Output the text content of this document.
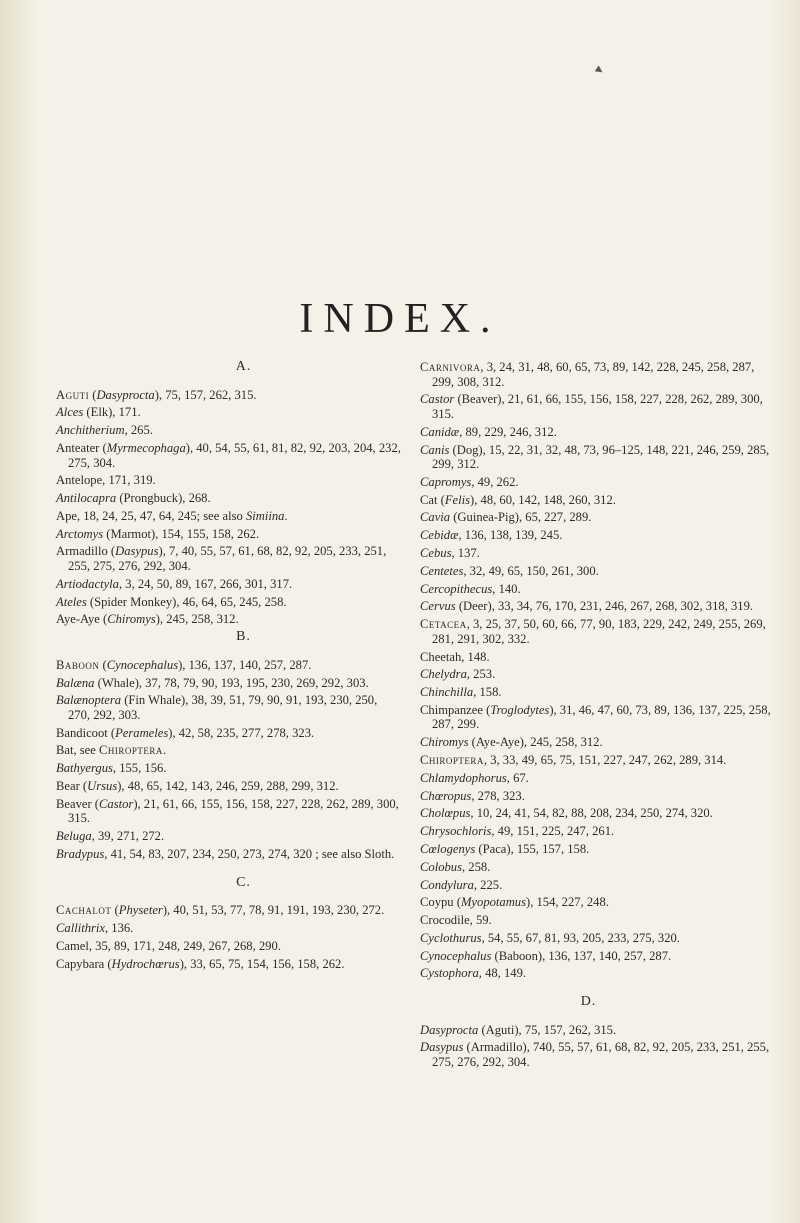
▸
INDEX.
A.
Aguti (Dasyprocta), 75, 157, 262, 315.
Alces (Elk), 171.
Anchitherium, 265.
Anteater (Myrmecophaga), 40, 54, 55, 61, 81, 82, 92, 203, 204, 232, 275, 304.
Antelope, 171, 319.
Antilocapra (Prongbuck), 268.
Ape, 18, 24, 25, 47, 64, 245; see also Simiina.
Arctomys (Marmot), 154, 155, 158, 262.
Armadillo (Dasypus), 7, 40, 55, 57, 61, 68, 82, 92, 205, 233, 251, 255, 275, 276, 292, 304.
Artiodactyla, 3, 24, 50, 89, 167, 266, 301, 317.
Ateles (Spider Monkey), 46, 64, 65, 245, 258.
Aye-Aye (Chiromys), 245, 258, 312.
B.
Baboon (Cynocephalus), 136, 137, 140, 257, 287.
Balæna (Whale), 37, 78, 79, 90, 193, 195, 230, 269, 292, 303.
Balænoptera (Fin Whale), 38, 39, 51, 79, 90, 91, 193, 230, 250, 270, 292, 303.
Bandicoot (Perameles), 42, 58, 235, 277, 278, 323.
Bat, see Chiroptera.
Bathyergus, 155, 156.
Bear (Ursus), 48, 65, 142, 143, 246, 259, 288, 299, 312.
Beaver (Castor), 21, 61, 66, 155, 156, 158, 227, 228, 262, 289, 300, 315.
Beluga, 39, 271, 272.
Bradypus, 41, 54, 83, 207, 234, 250, 273, 274, 320 ; see also Sloth.
C.
Cachalot (Physeter), 40, 51, 53, 77, 78, 91, 191, 193, 230, 272.
Callithrix, 136.
Camel, 35, 89, 171, 248, 249, 267, 268, 290.
Capybara (Hydrochœrus), 33, 65, 75, 154, 156, 158, 262.
Carnivora, 3, 24, 31, 48, 60, 65, 73, 89, 142, 228, 245, 258, 287, 299, 308, 312.
Castor (Beaver), 21, 61, 66, 155, 156, 158, 227, 228, 262, 289, 300, 315.
Canidæ, 89, 229, 246, 312.
Canis (Dog), 15, 22, 31, 32, 48, 73, 96–125, 148, 221, 246, 259, 285, 299, 312.
Capromys, 49, 262.
Cat (Felis), 48, 60, 142, 148, 260, 312.
Cavia (Guinea-Pig), 65, 227, 289.
Cebidæ, 136, 138, 139, 245.
Cebus, 137.
Centetes, 32, 49, 65, 150, 261, 300.
Cercopithecus, 140.
Cervus (Deer), 33, 34, 76, 170, 231, 246, 267, 268, 302, 318, 319.
Cetacea, 3, 25, 37, 50, 60, 66, 77, 90, 183, 229, 242, 249, 255, 269, 281, 291, 302, 332.
Cheetah, 148.
Chelydra, 253.
Chinchilla, 158.
Chimpanzee (Troglodytes), 31, 46, 47, 60, 73, 89, 136, 137, 225, 258, 287, 299.
Chiromys (Aye-Aye), 245, 258, 312.
Chiroptera, 3, 33, 49, 65, 75, 151, 227, 247, 262, 289, 314.
Chlamydophorus, 67.
Chœropus, 278, 323.
Cholœpus, 10, 24, 41, 54, 82, 88, 208, 234, 250, 274, 320.
Chrysochloris, 49, 151, 225, 247, 261.
Cœlogenys (Paca), 155, 157, 158.
Colobus, 258.
Condylura, 225.
Coypu (Myopotamus), 154, 227, 248.
Crocodile, 59.
Cyclothurus, 54, 55, 67, 81, 93, 205, 233, 275, 320.
Cynocephalus (Baboon), 136, 137, 140, 257, 287.
Cystophora, 48, 149.
D.
Dasyprocta (Aguti), 75, 157, 262, 315.
Dasypus (Armadillo), 740, 55, 57, 61, 68, 82, 92, 205, 233, 251, 255, 275, 276, 292, 304.
